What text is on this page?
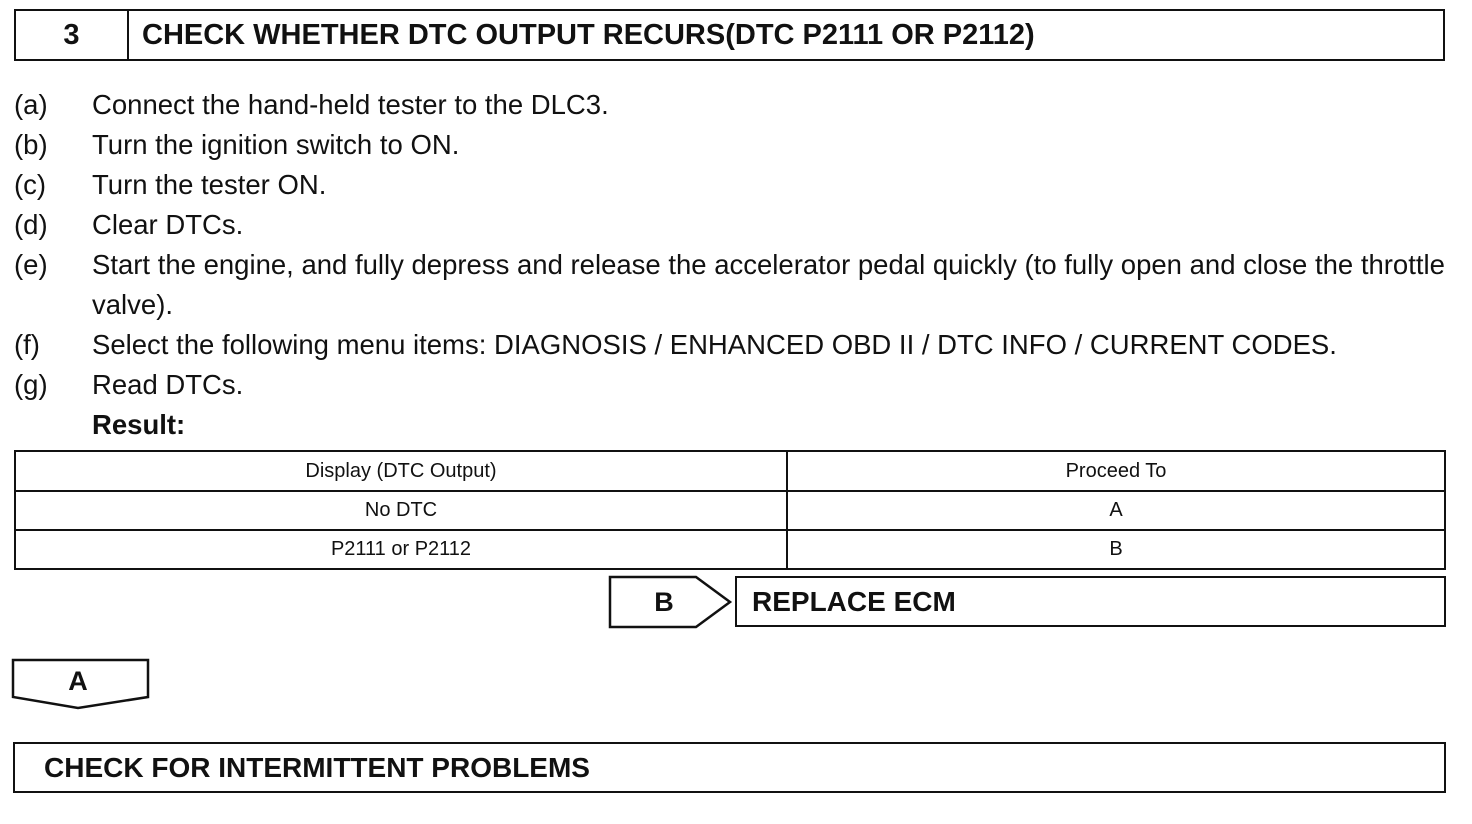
3	CHECK WHETHER DTC OUTPUT RECURS(DTC P2111 OR P2112)
(a)	Connect the hand-held tester to the DLC3.
(b)	Turn the ignition switch to ON.
(c)	Turn the tester ON.
(d)	Clear DTCs.
(e)	Start the engine, and fully depress and release the accelerator pedal quickly (to fully open and close the throttle valve).
(f)	Select the following menu items: DIAGNOSIS / ENHANCED OBD II / DTC INFO / CURRENT CODES.
(g)	Read DTCs.
Result:
Display (DTC Output)	Proceed To
No DTC	A
P2111 or P2112	B
B	REPLACE ECM
A
CHECK FOR INTERMITTENT PROBLEMS
